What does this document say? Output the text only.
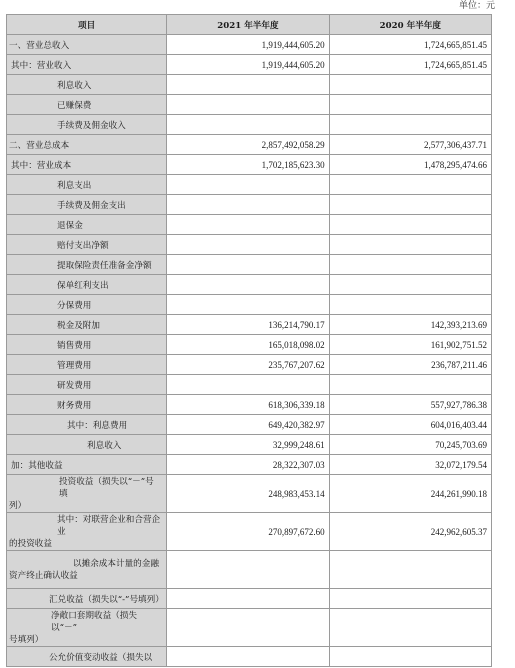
单位：元
项目	2021 年半年度	2020 年半年度
一、营业总收入	1,919,444,605.20	1,724,665,851.45
其中：营业收入	1,919,444,605.20	1,724,665,851.45
利息收入		
已赚保费		
手续费及佣金收入		
二、营业总成本	2,857,492,058.29	2,577,306,437.71
其中：营业成本	1,702,185,623.30	1,478,295,474.66
利息支出		
手续费及佣金支出		
退保金		
赔付支出净额		
提取保险责任准备金净额		
保单红利支出		
分保费用		
税金及附加	136,214,790.17	142,393,213.69
销售费用	165,018,098.02	161,902,751.52
管理费用	235,767,207.62	236,787,211.46
研发费用		
财务费用	618,306,339.18	557,927,786.38
其中：利息费用	649,420,382.97	604,016,403.44
利息收入	32,999,248.61	70,245,703.69
加：其他收益	28,322,307.03	32,072,179.54

投资收益（损失以“－”号填
列）	248,983,453.14	244,261,990.18

其中：对联营企业和合营企业
的投资收益	270,897,672.60	242,962,605.37

以摊余成本计量的金融
资产终止确认收益		

汇兑收益（损失以“-”号填列）		

净敞口套期收益（损失以“－”
号填列）		

公允价值变动收益（损失以		
